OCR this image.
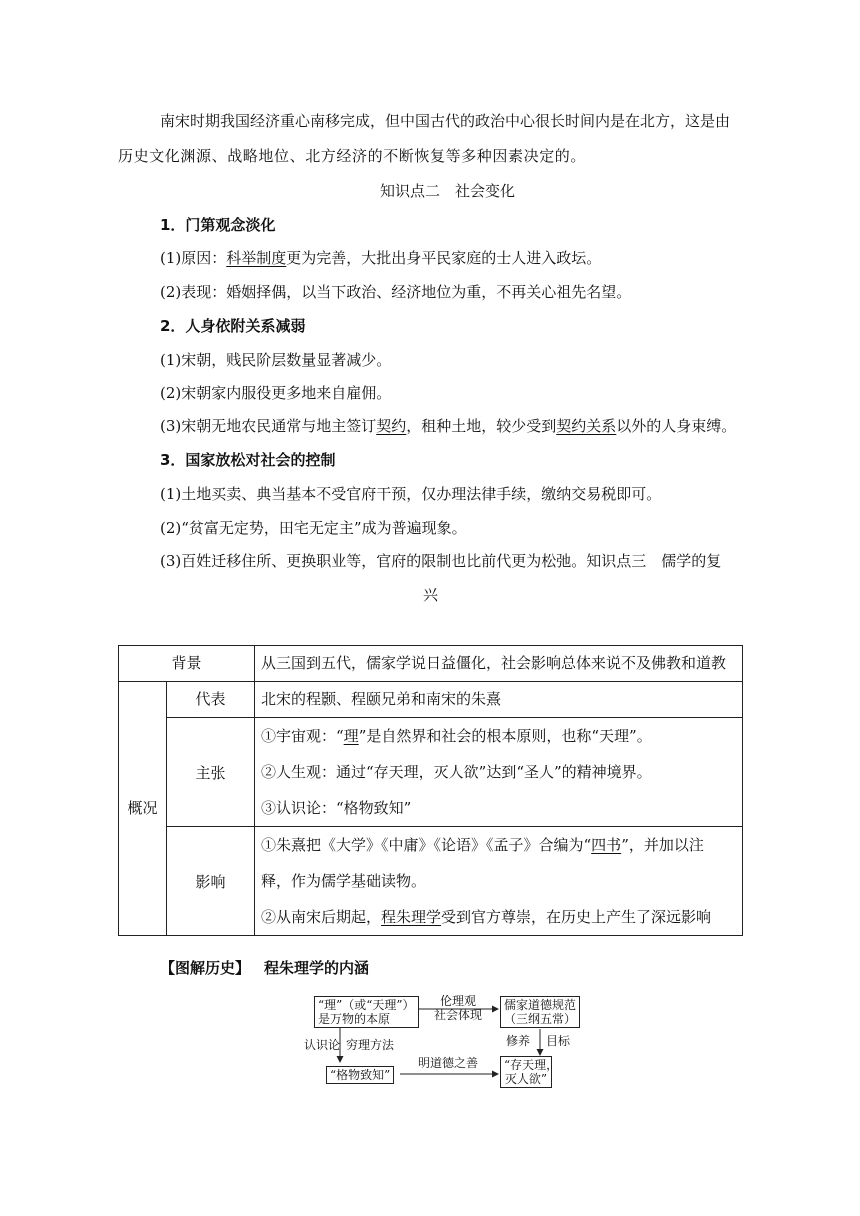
南宋时期我国经济重心南移完成，但中国古代的政治中心很长时间内是在北方，这是由
历史文化渊源、战略地位、北方经济的不断恢复等多种因素决定的。
知识点二　社会变化
1．门第观念淡化
(1)原因：科举制度更为完善，大批出身平民家庭的士人进入政坛。
(2)表现：婚姻择偶，以当下政治、经济地位为重，不再关心祖先名望。
2．人身依附关系减弱
(1)宋朝，贱民阶层数量显著减少。
(2)宋朝家内服役更多地来自雇佣。
(3)宋朝无地农民通常与地主签订契约，租种土地，较少受到契约关系以外的人身束缚。
3．国家放松对社会的控制
(1)土地买卖、典当基本不受官府干预，仅办理法律手续，缴纳交易税即可。
(2)“贫富无定势，田宅无定主”成为普遍现象。
(3)百姓迁移住所、更换职业等，官府的限制也比前代更为松弛。知识点三　儒学的复
兴
背景		从三国到五代，儒家学说日益僵化，社会影响总体来说不及佛教和道教
概况	代表	北宋的程颢、程颐兄弟和南宋的朱熹
	主张	①宇宙观：“理”是自然界和社会的根本原则，也称“天理”。

②人生观：通过“存天理，灭人欲”达到“圣人”的精神境界。

③认识论：“格物致知”

	影响	①朱熹把《大学》《中庸》《论语》《孟子》合编为“四书”，并加以注

释，作为儒学基础读物。

②从南宋后期起，程朱理学受到官方尊崇，在历史上产生了深远影响

【图解历史】 程朱理学的内涵
“理”（或“天理”）
是万物的本原
伦理观
社会体现
儒家道德规范
（三纲五常）
认识论 穷理方法	修养 目标
“格物致知”
明道德之善 “存天理，
灭人欲”
